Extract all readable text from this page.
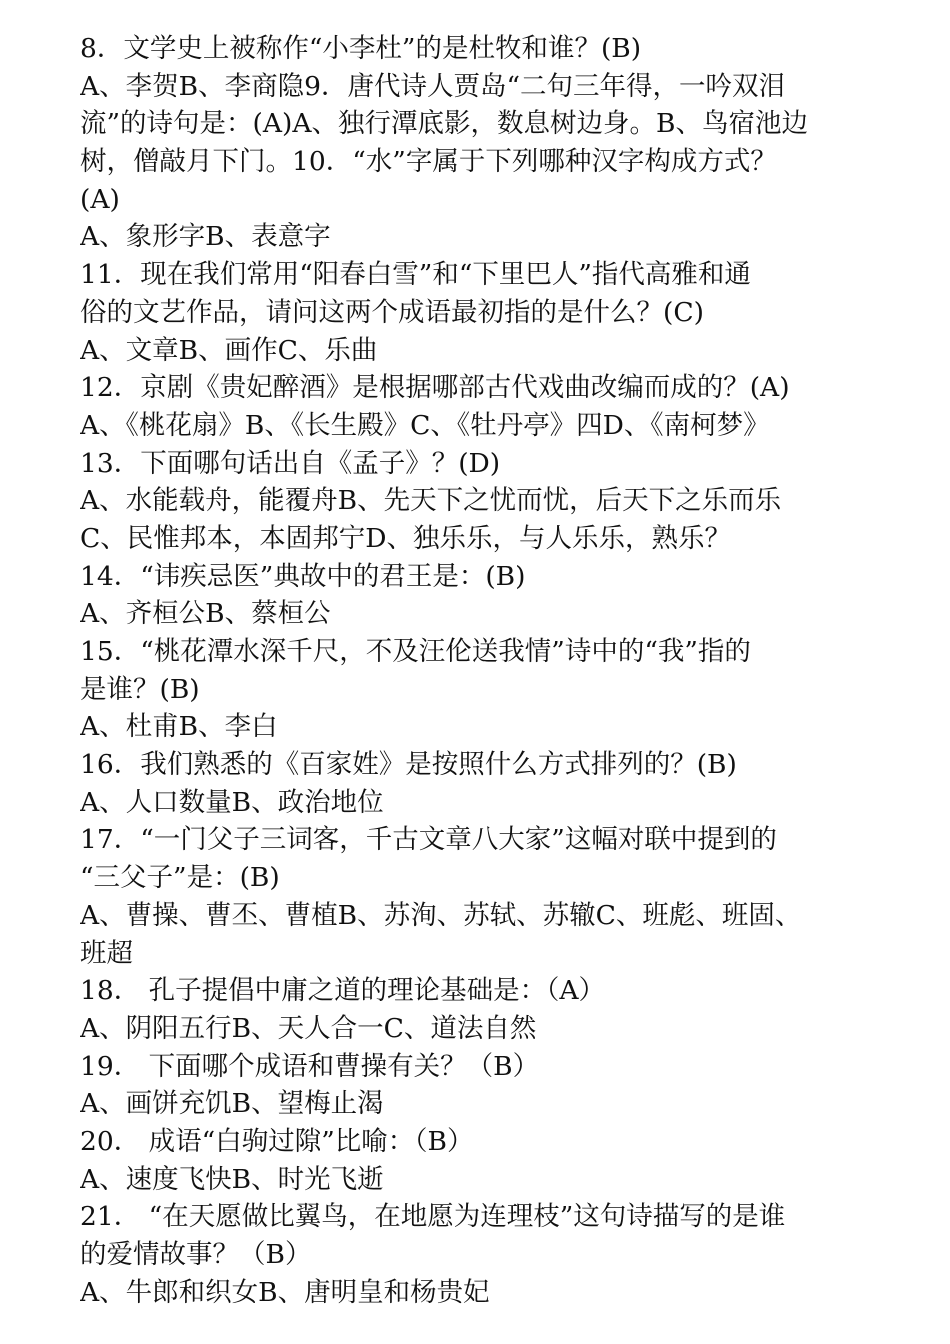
8．文学史上被称作“小李杜”的是杜牧和谁？(B)
A、李贺B、李商隐9．唐代诗人贾岛“二句三年得，一吟双泪
流”的诗句是：(A)A、独行潭底影，数息树边身。B、鸟宿池边
树，僧敲月下门。10．“水”字属于下列哪种汉字构成方式？
(A)
A、象形字B、表意字
11．现在我们常用“阳春白雪”和“下里巴人”指代高雅和通
俗的文艺作品，请问这两个成语最初指的是什么？(C)
A、文章B、画作C、乐曲
12．京剧《贵妃醉酒》是根据哪部古代戏曲改编而成的？(A)
A、《桃花扇》B、《长生殿》C、《牡丹亭》四D、《南柯梦》
13．下面哪句话出自《孟子》？(D)
A、水能载舟，能覆舟B、先天下之忧而忧，后天下之乐而乐
C、民惟邦本，本固邦宁D、独乐乐，与人乐乐，熟乐？
14．“讳疾忌医”典故中的君王是：(B)
A、齐桓公B、蔡桓公
15．“桃花潭水深千尺，不及汪伦送我情”诗中的“我”指的
是谁？(B)
A、杜甫B、李白
16．我们熟悉的《百家姓》是按照什么方式排列的？(B)
A、人口数量B、政治地位
17．“一门父子三词客，千古文章八大家”这幅对联中提到的
“三父子”是：(B)
A、曹操、曹丕、曹植B、苏洵、苏轼、苏辙C、班彪、班固、
班超
18． 孔子提倡中庸之道的理论基础是：（A）
A、阴阳五行B、天人合一C、道法自然
19． 下面哪个成语和曹操有关？（B）
A、画饼充饥B、望梅止渴
20． 成语“白驹过隙”比喻：（B）
A、速度飞快B、时光飞逝
21． “在天愿做比翼鸟，在地愿为连理枝”这句诗描写的是谁
的爱情故事？（B）
A、牛郎和织女B、唐明皇和杨贵妃
